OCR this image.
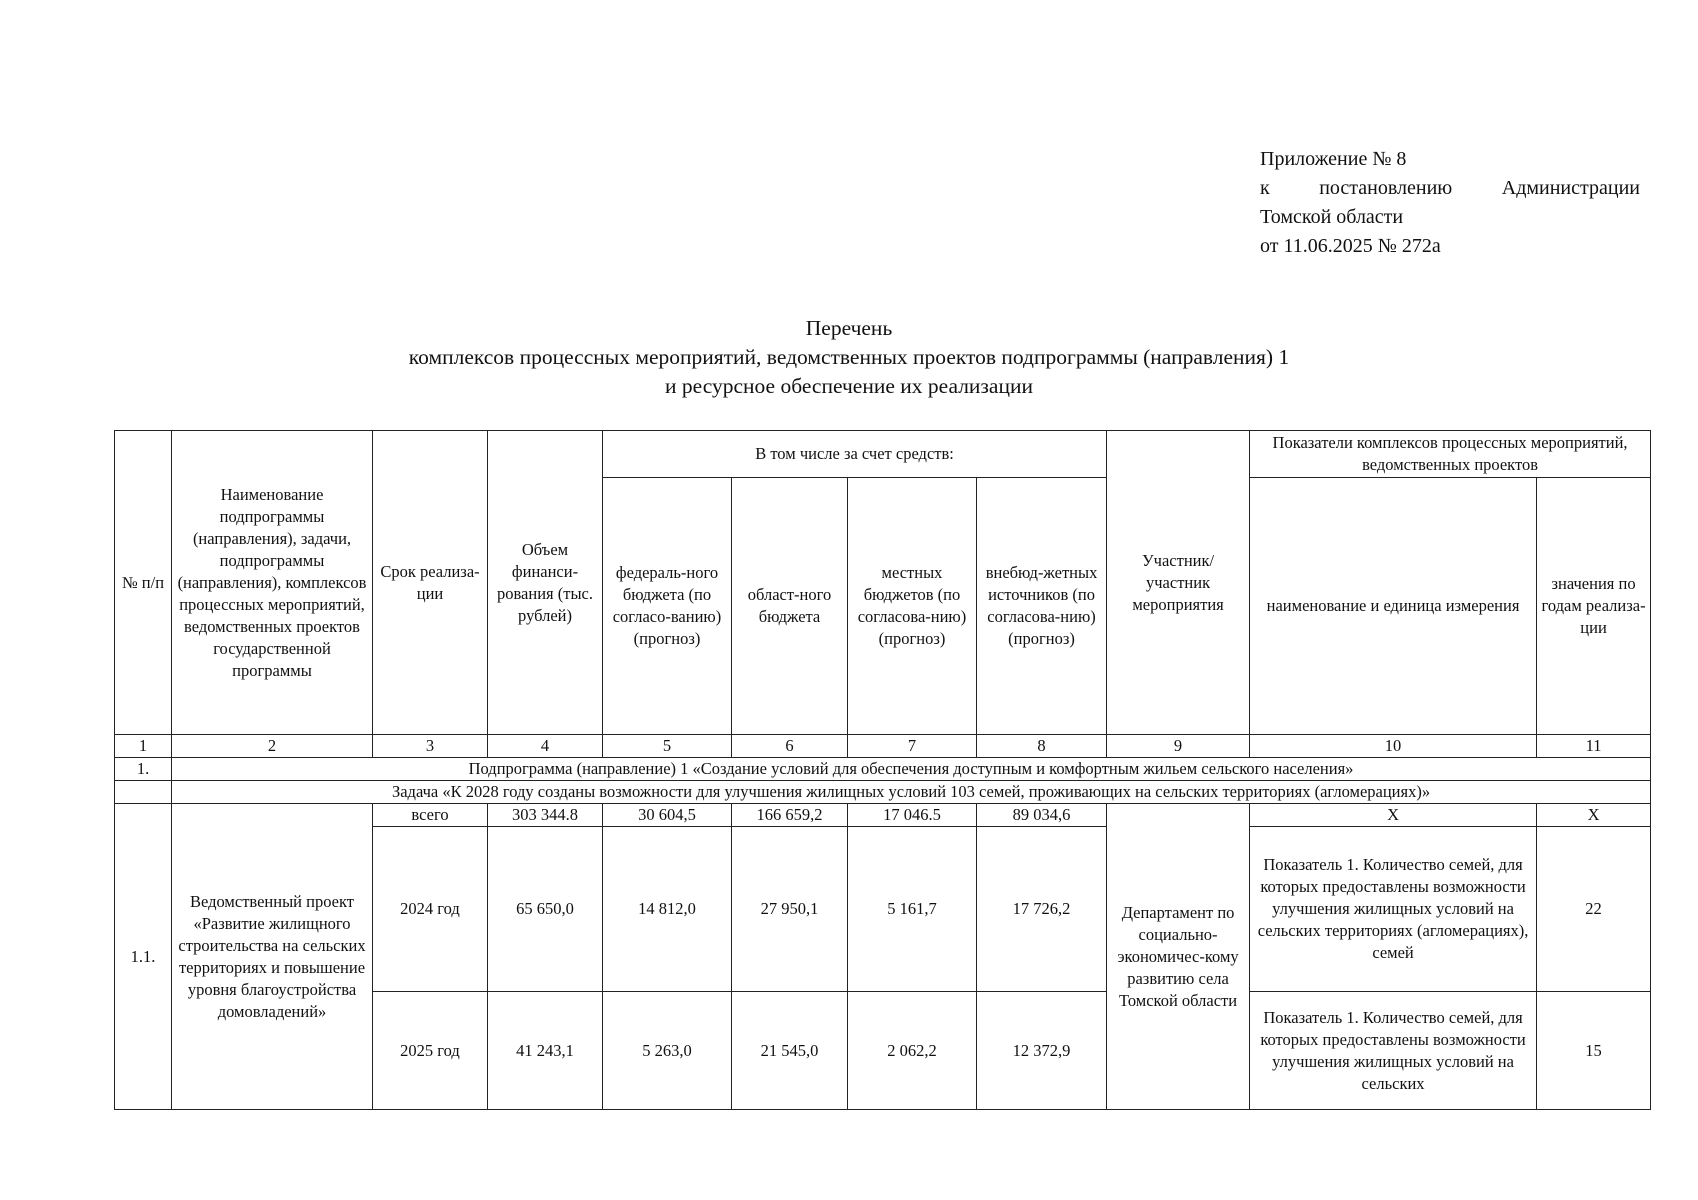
Приложение № 8
к постановлению Администрации
Томской области
от 11.06.2025 № 272а
Перечень
комплексов процессных мероприятий, ведомственных проектов подпрограммы (направления) 1
и ресурсное обеспечение их реализации
№ п/п	Наименование подпрограммы (направления), задачи, подпрограммы (направления), комплексов процессных мероприятий, ведомственных проектов государственной программы	Срок реализа-ции	Объем финанси-рования (тыс. рублей)	В том числе за счет средств:				Участник/ участник мероприятия	Показатели комплексов процессных мероприятий, ведомственных проектов	
				федераль-ного бюджета (по согласо-ванию) (прогноз)	област-ного бюджета	местных бюджетов (по согласова-нию) (прогноз)	внебюд-жетных источников (по согласова-нию) (прогноз)		наименование и единица измерения	значения по годам реализа-ции
1	2	3	4	5	6	7	8	9	10	11
1.	Подпрограмма (направление) 1 «Создание условий для обеспечения доступным и комфортным жильем сельского населения»									
	Задача «К 2028 году созданы возможности для улучшения жилищных условий 103 семей, проживающих на сельских территориях (агломерациях)»									
1.1.	Ведомственный проект «Развитие жилищного строительства на сельских территориях и повышение уровня благоустройства домовладений»	всего	303 344.8	30 604,5	166 659,2	17 046.5	89 034,6	Департамент по социально-экономичес-кому развитию села Томской области	X	X
		2024 год	65 650,0	14 812,0	27 950,1	5 161,7	17 726,2		Показатель 1. Количество семей, для которых предоставлены возможности улучшения жилищных условий на сельских территориях (агломерациях), семей	22
		2025 год	41 243,1	5 263,0	21 545,0	2 062,2	12 372,9		Показатель 1. Количество семей, для которых предоставлены возможности улучшения жилищных условий на сельских	15
